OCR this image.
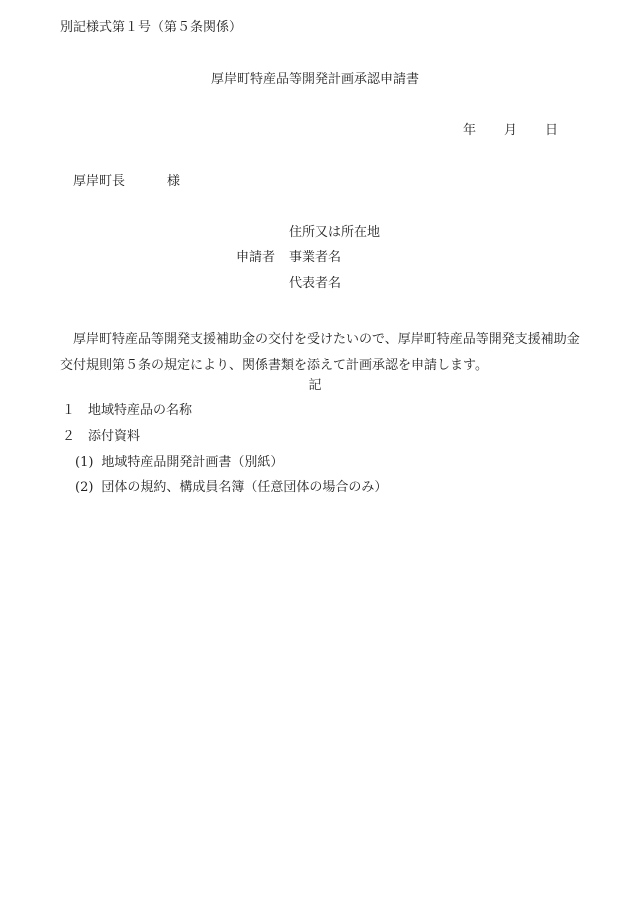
別記様式第１号（第５条関係）
厚岸町特産品等開発計画承認申請書
年 月 日
厚岸町長	様
住所又は所在地
申請者 事業者名
代表者名
厚岸町特産品等開発支援補助金の交付を受けたいので、厚岸町特産品等開発支援補助金交付規則第５条の規定により、関係書類を添えて計画承認を申請します。
記
１ 地域特産品の名称
２ 添付資料
(1) 地域特産品開発計画書（別紙）
(2) 団体の規約、構成員名簿（任意団体の場合のみ）
